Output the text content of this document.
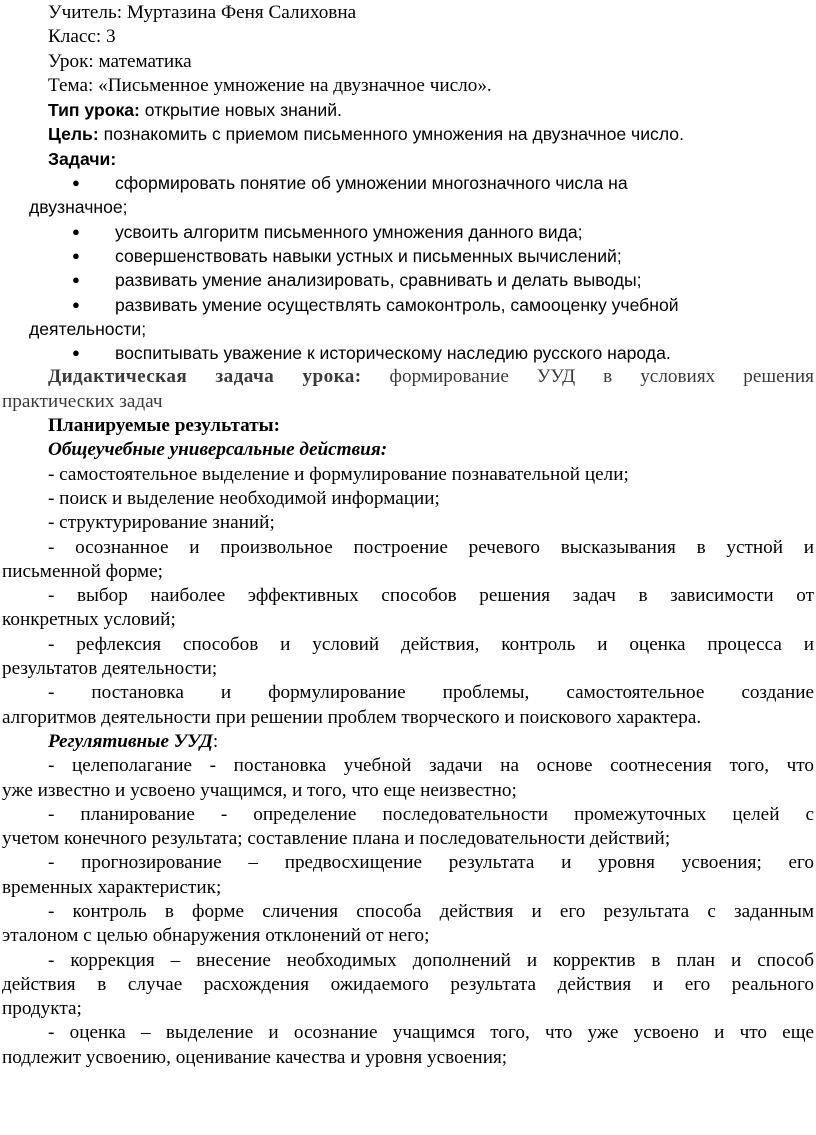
Учитель: Муртазина Феня Салиховна

Класс: 3

Урок: математика

Тема: «Письменное умножение на двузначное число».

Тип урока: открытие новых знаний.

Цель: познакомить с приемом письменного умножения на двузначное число.

Задачи:

●	сформировать понятие об умножении многозначного числа на
двузначное;
●	усвоить алгоритм письменного умножения данного вида;
●	совершенствовать навыки устных и письменных вычислений;
●	развивать умение анализировать, сравнивать и делать выводы;
●	развивать умение осуществлять самоконтроль, самооценку учебной
деятельности;
●	воспитывать уважение к историческому наследию русского народа.

Дидактическая задача урока: формирование УУД в условиях решения

практических задач

Планируемые результаты:

Общеучебные универсальные действия:

- самостоятельное выделение и формулирование познавательной цели;

- поиск и выделение необходимой информации;

- структурирование знаний;

- осознанное и произвольное построение речевого высказывания в устной и

письменной форме;

- выбор наиболее эффективных способов решения задач в зависимости от

конкретных условий;

- рефлексия способов и условий действия, контроль и оценка процесса и

результатов деятельности;

- постановка и формулирование проблемы, самостоятельное создание

алгоритмов деятельности при решении проблем творческого и поискового характера.

Регулятивные УУД:

- целеполагание - постановка учебной задачи на основе соотнесения того, что

уже известно и усвоено учащимся, и того, что еще неизвестно;

- планирование - определение последовательности промежуточных целей с

учетом конечного результата; составление плана и последовательности действий;

- прогнозирование – предвосхищение результата и уровня усвоения; его

временных характеристик;

- контроль в форме сличения способа действия и его результата с заданным

эталоном с целью обнаружения отклонений от него;

- коррекция – внесение необходимых дополнений и корректив в план и способ

действия в случае расхождения ожидаемого результата действия и его реального

продукта;

- оценка – выделение и осознание учащимся того, что уже усвоено и что еще

подлежит усвоению, оценивание качества и уровня усвоения;
